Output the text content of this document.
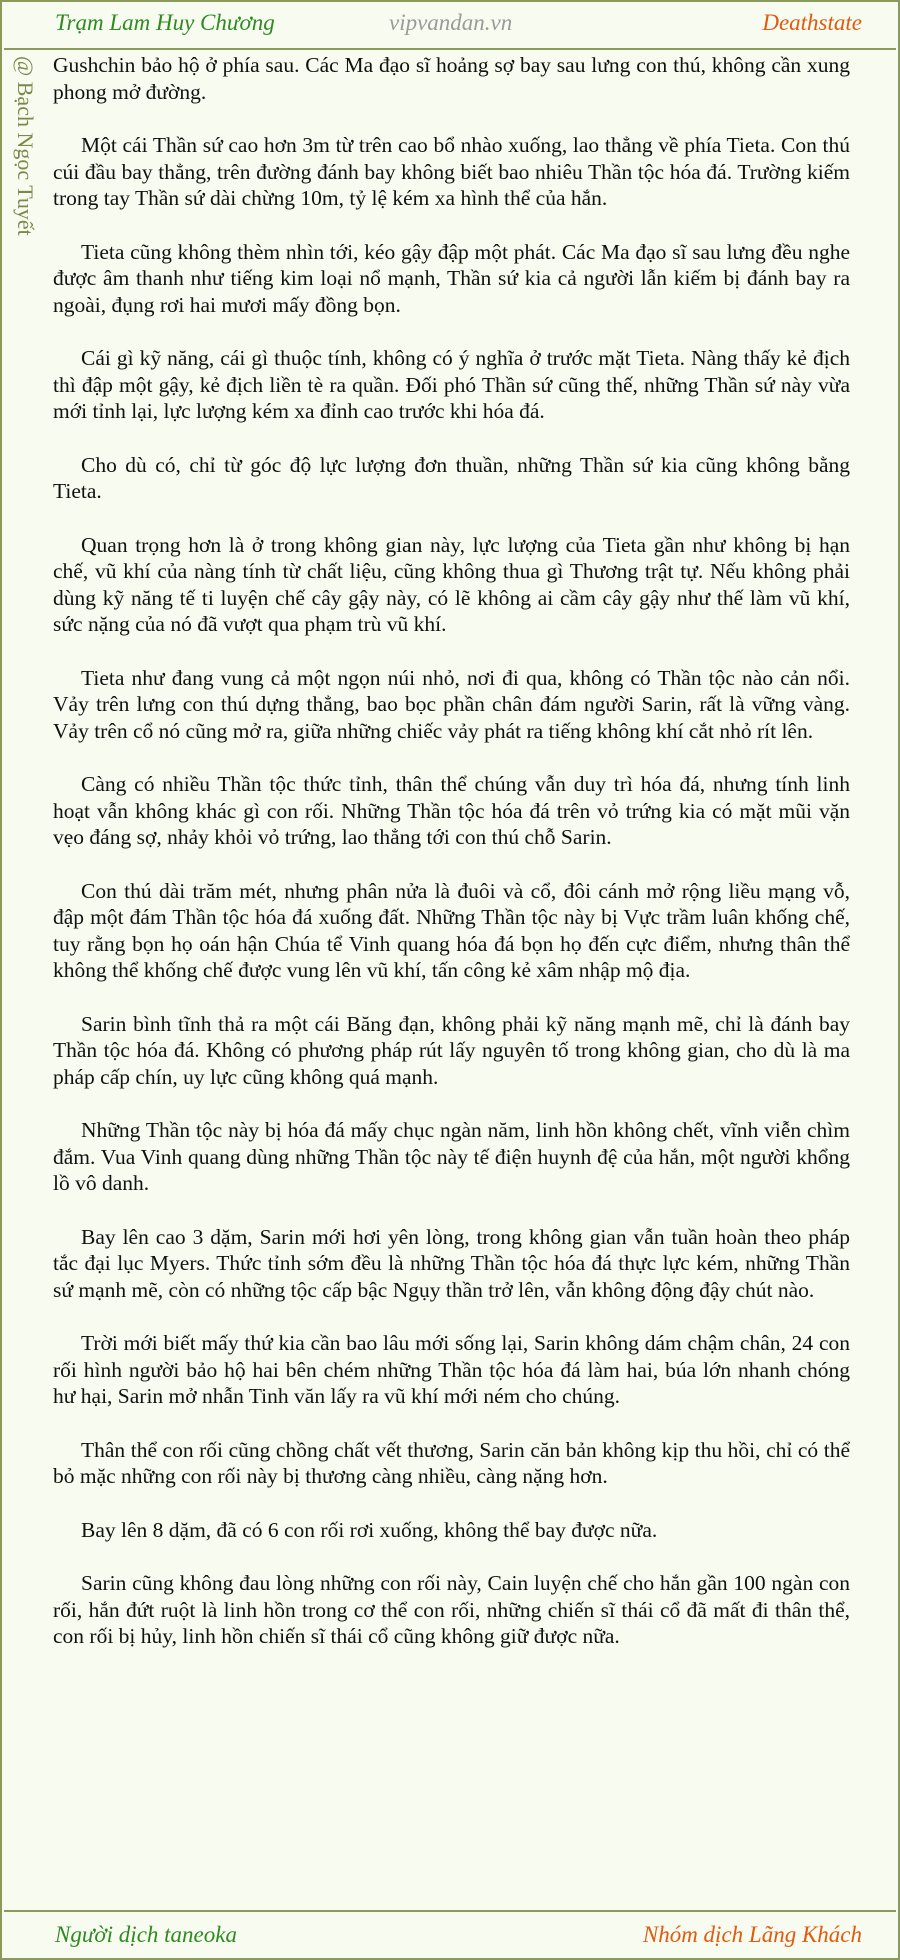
Trạm Lam Huy Chương	vipvandan.vn	Deathstate
@ Bạch Ngọc Tuyết Gushchin bảo hộ ở phía sau. Các Ma đạo sĩ hoảng sợ bay sau lưng con thú, không cần xung phong mở đường.

Một cái Thần sứ cao hơn 3m từ trên cao bổ nhào xuống, lao thẳng về phía Tieta. Con thú cúi đầu bay thẳng, trên đường đánh bay không biết bao nhiêu Thần tộc hóa đá. Trường kiếm trong tay Thần sứ dài chừng 10m, tỷ lệ kém xa hình thể của hắn.

Tieta cũng không thèm nhìn tới, kéo gậy đập một phát. Các Ma đạo sĩ sau lưng đều nghe được âm thanh như tiếng kim loại nổ mạnh, Thần sứ kia cả người lẫn kiếm bị đánh bay ra ngoài, đụng rơi hai mươi mấy đồng bọn.

Cái gì kỹ năng, cái gì thuộc tính, không có ý nghĩa ở trước mặt Tieta. Nàng thấy kẻ địch thì đập một gậy, kẻ địch liền tè ra quần. Đối phó Thần sứ cũng thế, những Thần sứ này vừa mới tỉnh lại, lực lượng kém xa đỉnh cao trước khi hóa đá.

Cho dù có, chỉ từ góc độ lực lượng đơn thuần, những Thần sứ kia cũng không bằng Tieta.

Quan trọng hơn là ở trong không gian này, lực lượng của Tieta gần như không bị hạn chế, vũ khí của nàng tính từ chất liệu, cũng không thua gì Thương trật tự. Nếu không phải dùng kỹ năng tế ti luyện chế cây gậy này, có lẽ không ai cầm cây gậy như thế làm vũ khí, sức nặng của nó đã vượt qua phạm trù vũ khí.

Tieta như đang vung cả một ngọn núi nhỏ, nơi đi qua, không có Thần tộc nào cản nổi. Vảy trên lưng con thú dựng thẳng, bao bọc phần chân đám người Sarin, rất là vững vàng. Vảy trên cổ nó cũng mở ra, giữa những chiếc vảy phát ra tiếng không khí cắt nhỏ rít lên.

Càng có nhiều Thần tộc thức tỉnh, thân thể chúng vẫn duy trì hóa đá, nhưng tính linh hoạt vẫn không khác gì con rối. Những Thần tộc hóa đá trên vỏ trứng kia có mặt mũi vặn vẹo đáng sợ, nhảy khỏi vỏ trứng, lao thẳng tới con thú chỗ Sarin.

Con thú dài trăm mét, nhưng phân nửa là đuôi và cổ, đôi cánh mở rộng liều mạng vỗ, đập một đám Thần tộc hóa đá xuống đất. Những Thần tộc này bị Vực trầm luân khống chế, tuy rằng bọn họ oán hận Chúa tể Vinh quang hóa đá bọn họ đến cực điểm, nhưng thân thể không thể khống chế được vung lên vũ khí, tấn công kẻ xâm nhập mộ địa.

Sarin bình tĩnh thả ra một cái Băng đạn, không phải kỹ năng mạnh mẽ, chỉ là đánh bay Thần tộc hóa đá. Không có phương pháp rút lấy nguyên tố trong không gian, cho dù là ma pháp cấp chín, uy lực cũng không quá mạnh.

Những Thần tộc này bị hóa đá mấy chục ngàn năm, linh hồn không chết, vĩnh viễn chìm đắm. Vua Vinh quang dùng những Thần tộc này tế điện huynh đệ của hắn, một người khổng lồ vô danh.

Bay lên cao 3 dặm, Sarin mới hơi yên lòng, trong không gian vẫn tuần hoàn theo pháp tắc đại lục Myers. Thức tỉnh sớm đều là những Thần tộc hóa đá thực lực kém, những Thần sứ mạnh mẽ, còn có những tộc cấp bậc Ngụy thần trở lên, vẫn không động đậy chút nào.

Trời mới biết mấy thứ kia cần bao lâu mới sống lại, Sarin không dám chậm chân, 24 con rối hình người bảo hộ hai bên chém những Thần tộc hóa đá làm hai, búa lớn nhanh chóng hư hại, Sarin mở nhẫn Tinh văn lấy ra vũ khí mới ném cho chúng.

Thân thể con rối cũng chồng chất vết thương, Sarin căn bản không kịp thu hồi, chỉ có thể bỏ mặc những con rối này bị thương càng nhiều, càng nặng hơn.

Bay lên 8 dặm, đã có 6 con rối rơi xuống, không thể bay được nữa.

Sarin cũng không đau lòng những con rối này, Cain luyện chế cho hắn gần 100 ngàn con rối, hắn đứt ruột là linh hồn trong cơ thể con rối, những chiến sĩ thái cổ đã mất đi thân thể, con rối bị hủy, linh hồn chiến sĩ thái cổ cũng không giữ được nữa.

Người dịch taneoka	Nhóm dịch Lãng Khách
